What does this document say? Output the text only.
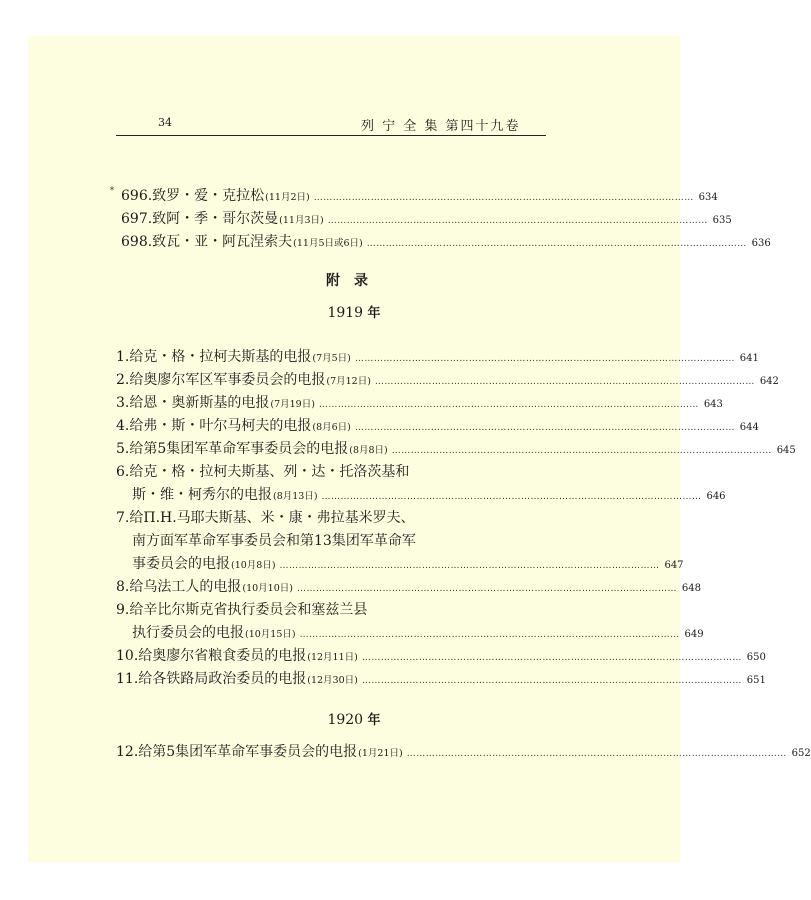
34	列 宁 全 集 第四十九卷
* 696. 致罗・爱・克拉松 (11月2日) ………………………………………………………………………………………………………… 634
697. 致阿・季・哥尔茨曼 (11月3日) ………………………………………………………………………………………………………… 635
698. 致瓦・亚・阿瓦涅索夫 (11月5日或6日) ………………………………………………………………………………………………………… 636
附录
1919 年
1.给克・格・拉柯夫斯基的电报 (7月5日) ………………………………………………………………………………………………………… 641
2.给奥廖尔军区军事委员会的电报 (7月12日) ………………………………………………………………………………………………………… 642
3.给恩・奥新斯基的电报 (7月19日) ………………………………………………………………………………………………………… 643
4.给弗・斯・叶尔马柯夫的电报 (8月6日) ………………………………………………………………………………………………………… 644
5.给第5集团军革命军事委员会的电报 (8月8日) ………………………………………………………………………………………………………… 645
6.给克・格・拉柯夫斯基、列・达・托洛茨基和
斯・维・柯秀尔的电报 (8月13日) ………………………………………………………………………………………………………… 646
7.给П.Н.马耶夫斯基、米・康・弗拉基米罗夫、
南方面军革命军事委员会和第13集团军革命军
事委员会的电报 (10月8日) ………………………………………………………………………………………………………… 647
8.给乌法工人的电报 (10月10日) ………………………………………………………………………………………………………… 648
9.给辛比尔斯克省执行委员会和塞兹兰县
执行委员会的电报 (10月15日) ………………………………………………………………………………………………………… 649
10.给奥廖尔省粮食委员的电报 (12月11日) ………………………………………………………………………………………………………… 650
11.给各铁路局政治委员的电报 (12月30日) ………………………………………………………………………………………………………… 651
1920 年
12.给第5集团军革命军事委员会的电报 (1月21日) ………………………………………………………………………………………………………… 652
